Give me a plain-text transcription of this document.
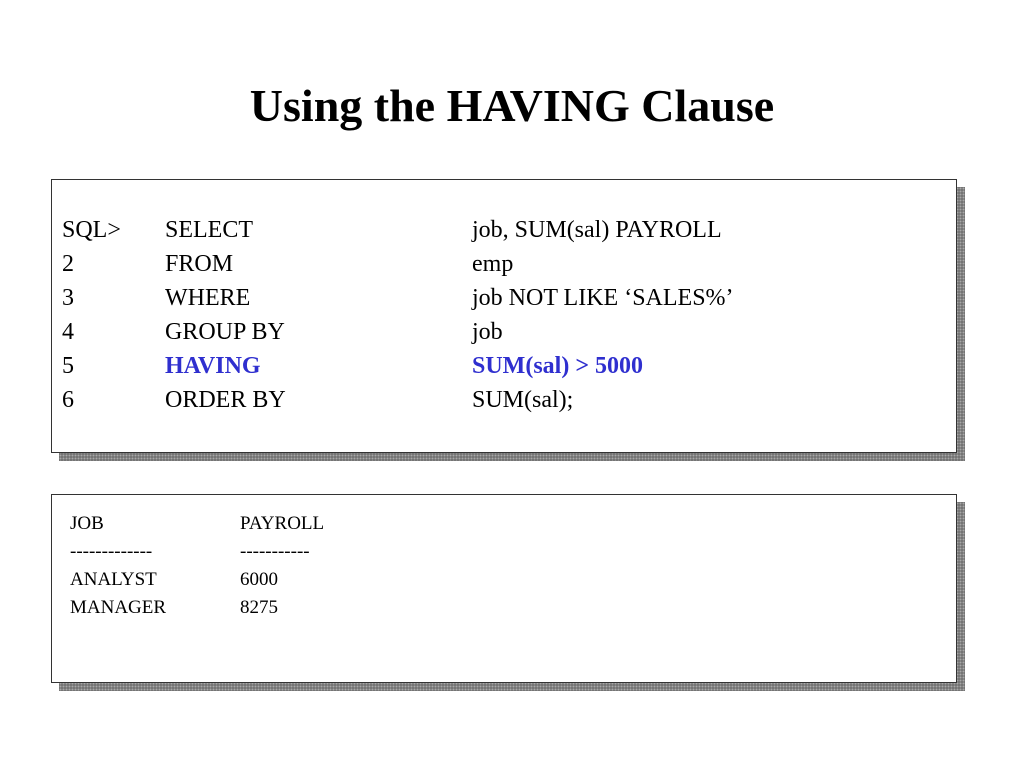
Using the HAVING Clause
SQL> SELECT	job, SUM(sal) PAYROLL
2	FROM	emp
3	WHERE	job NOT LIKE ‘SALES%’
4	GROUP BY	job
5	HAVING	SUM(sal) > 5000
6	ORDER BY	SUM(sal);
JOB	PAYROLL
-------------	-----------
ANALYST	6000
MANAGER	8275
